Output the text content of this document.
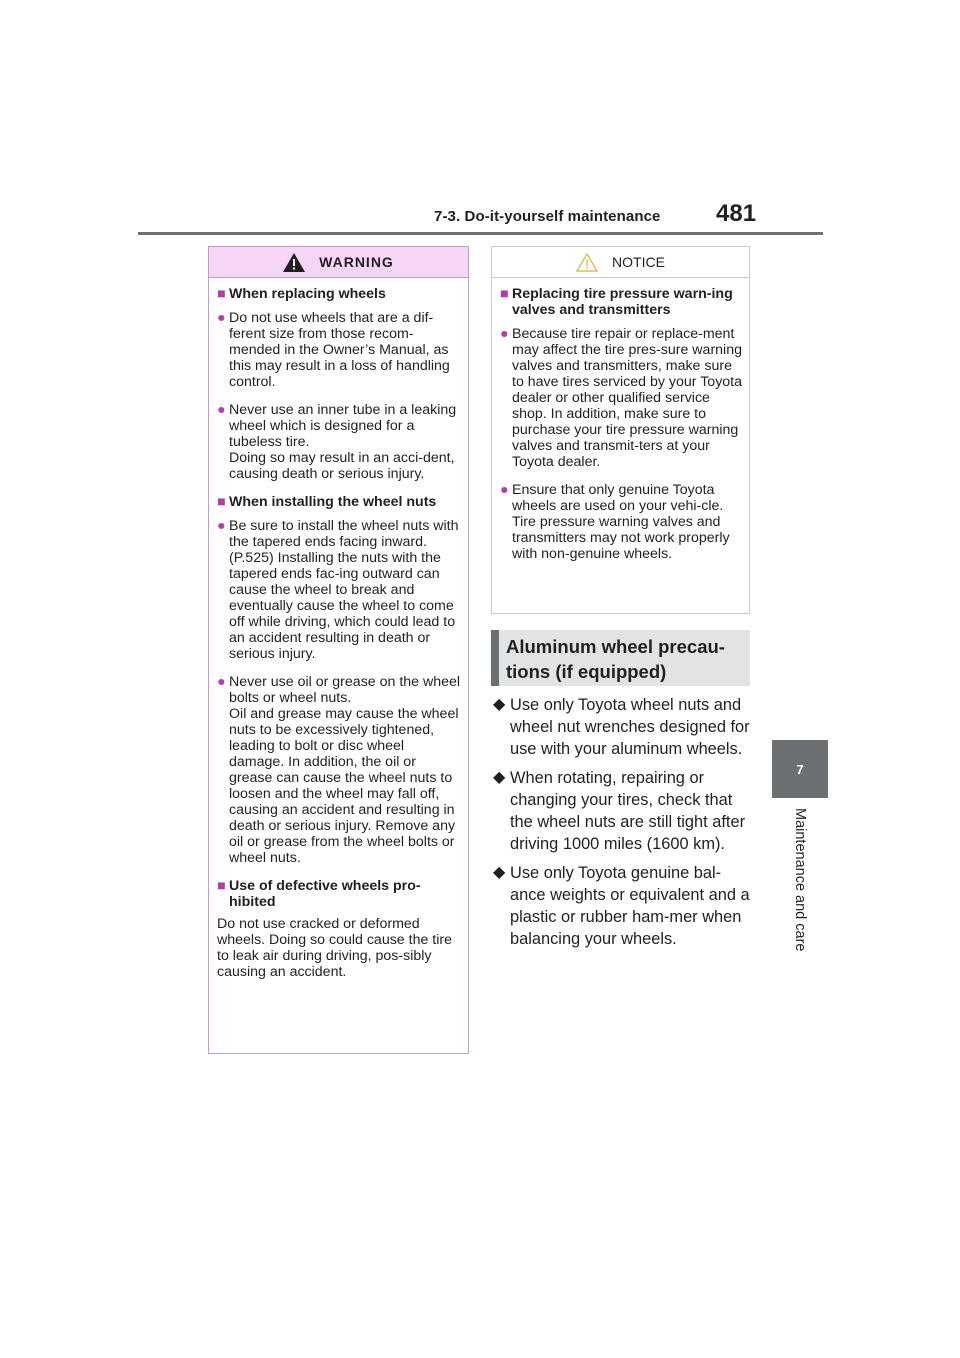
7-3. Do-it-yourself maintenance 481
7
Maintenance and care
WARNING
■ When replacing wheels
● Do not use wheels that are a dif-ferent size from those recom-mended in the Owner’s Manual, as this may result in a loss of handling control.
● Never use an inner tube in a leaking wheel which is designed for a tubeless tire.
Doing so may result in an acci-dent, causing death or serious injury.
■ When installing the wheel nuts
● Be sure to install the wheel nuts with the tapered ends facing inward. (P.525) Installing the nuts with the tapered ends fac-ing outward can cause the wheel to break and eventually cause the wheel to come off while driving, which could lead to an accident resulting in death or serious injury.
● Never use oil or grease on the wheel bolts or wheel nuts.
Oil and grease may cause the wheel nuts to be excessively tightened, leading to bolt or disc wheel damage. In addition, the oil or grease can cause the wheel nuts to loosen and the wheel may fall off, causing an accident and resulting in death or serious injury. Remove any oil or grease from the wheel bolts or wheel nuts.
■ Use of defective wheels pro-hibited
Do not use cracked or deformed wheels. Doing so could cause the tire to leak air during driving, pos-sibly causing an accident.
NOTICE
■ Replacing tire pressure warn-ing valves and transmitters
● Because tire repair or replace-ment may affect the tire pres-sure warning valves and transmitters, make sure to have tires serviced by your Toyota dealer or other qualified service shop. In addition, make sure to purchase your tire pressure warning valves and transmit-ters at your Toyota dealer.
● Ensure that only genuine Toyota wheels are used on your vehi-cle.
Tire pressure warning valves and transmitters may not work properly with non-genuine wheels.
Aluminum wheel precau-
tions (if equipped)
◆ Use only Toyota wheel nuts and wheel nut wrenches designed for use with your aluminum wheels.
◆ When rotating, repairing or changing your tires, check that the wheel nuts are still tight after driving 1000 miles (1600 km).
◆ Use only Toyota genuine bal-ance weights or equivalent and a plastic or rubber ham-mer when balancing your wheels.
